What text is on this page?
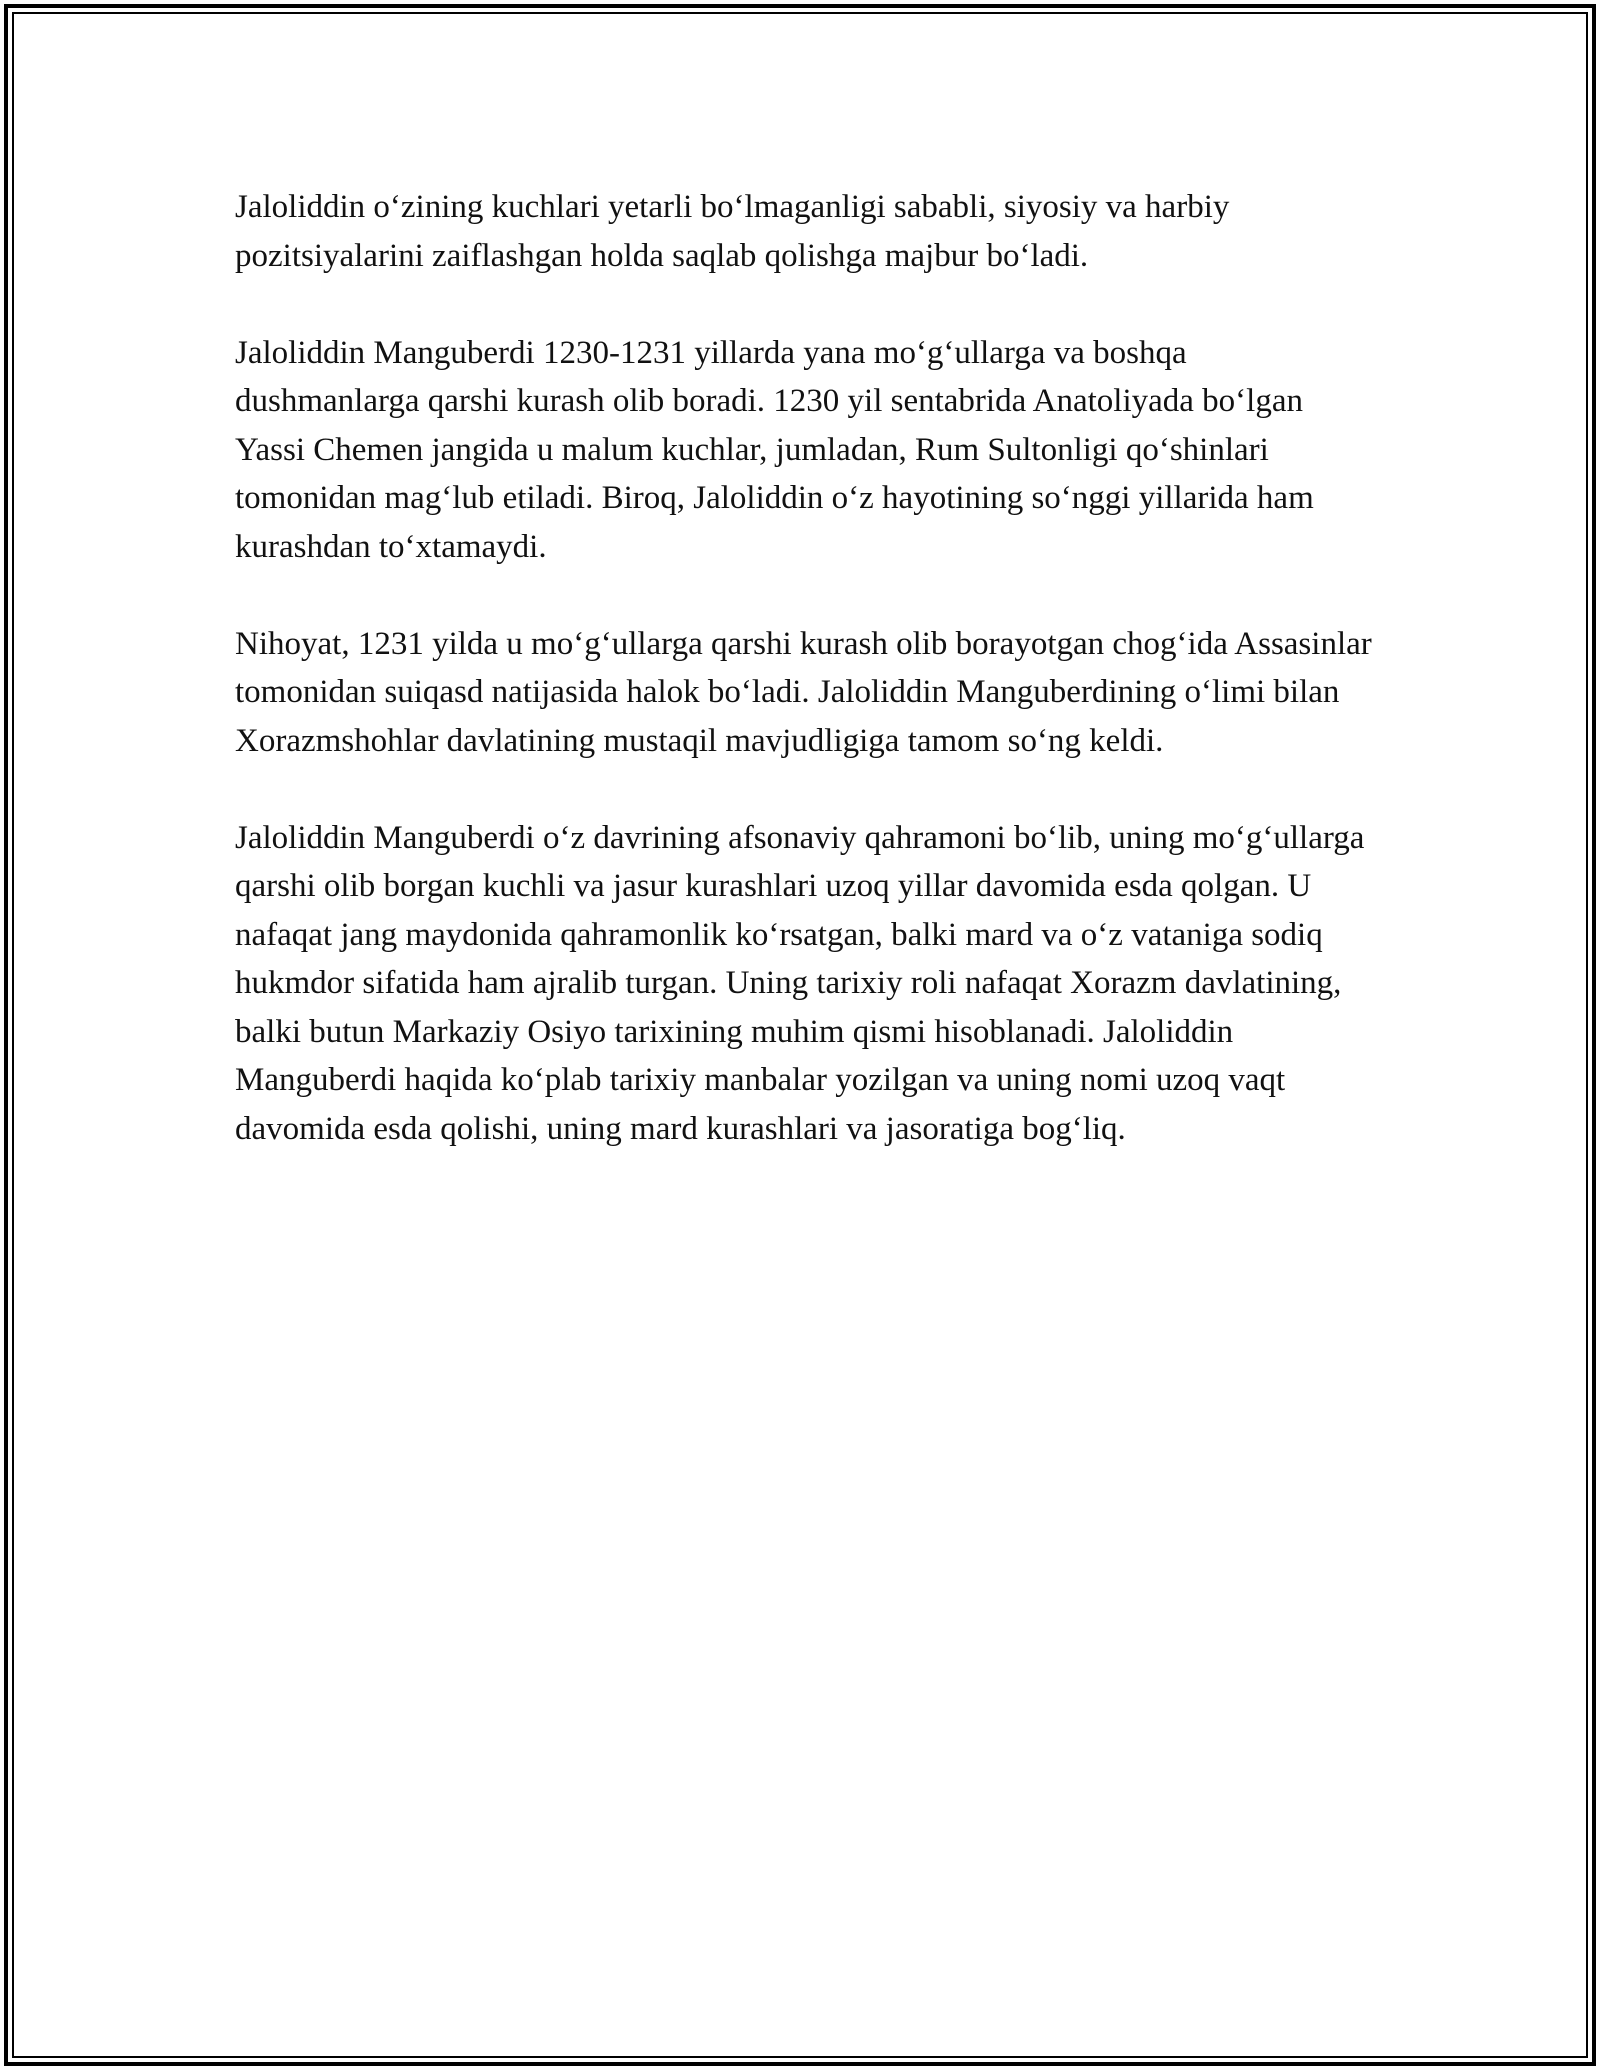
Jaloliddin o‘zining kuchlari yetarli bo‘lmaganligi sababli, siyosiy va harbiy pozitsiyalarini zaiflashgan holda saqlab qolishga majbur bo‘ladi.

Jaloliddin Manguberdi 1230-1231 yillarda yana mo‘g‘ullarga va boshqa dushmanlarga qarshi kurash olib boradi. 1230 yil sentabrida Anatoliyada bo‘lgan Yassi Chemen jangida u malum kuchlar, jumladan, Rum Sultonligi qo‘shinlari tomonidan mag‘lub etiladi. Biroq, Jaloliddin o‘z hayotining so‘nggi yillarida ham kurashdan to‘xtamaydi.

Nihoyat, 1231 yilda u mo‘g‘ullarga qarshi kurash olib borayotgan chog‘ida Assasinlar tomonidan suiqasd natijasida halok bo‘ladi. Jaloliddin Manguberdining o‘limi bilan Xorazmshohlar davlatining mustaqil mavjudligiga tamom so‘ng keldi.

Jaloliddin Manguberdi o‘z davrining afsonaviy qahramoni bo‘lib, uning mo‘g‘ullarga qarshi olib borgan kuchli va jasur kurashlari uzoq yillar davomida esda qolgan. U nafaqat jang maydonida qahramonlik ko‘rsatgan, balki mard va o‘z vataniga sodiq hukmdor sifatida ham ajralib turgan. Uning tarixiy roli nafaqat Xorazm davlatining, balki butun Markaziy Osiyo tarixining muhim qismi hisoblanadi. Jaloliddin Manguberdi haqida ko‘plab tarixiy manbalar yozilgan va uning nomi uzoq vaqt davomida esda qolishi, uning mard kurashlari va jasoratiga bog‘liq.
